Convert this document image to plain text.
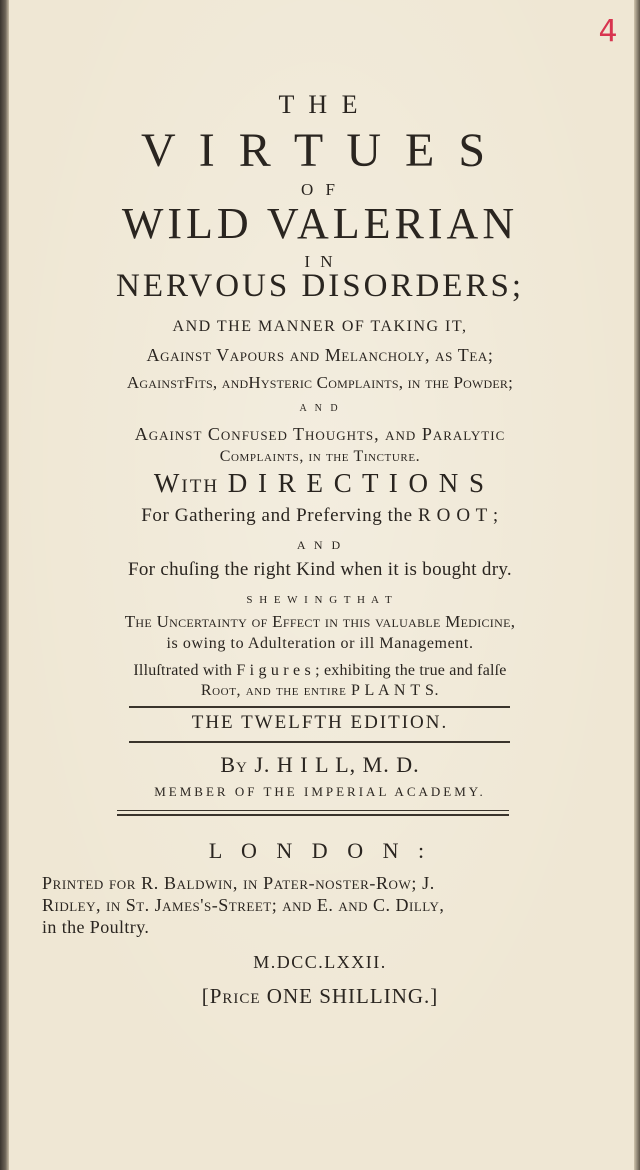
4
T H E
V I R T U E S
O F
WILD VALERIAN
I N
NERVOUS DISORDERS;
AND THE MANNER OF TAKING IT,
Againſt Vapours and Melancholy, as Tea;
AgainſtFits, andHysteric Complaints, in the Powder;
A N D
Againſt Confused Thoughts, and Paralytic
Complaints, in the Tincture.
With D I R E C T I O N S
For Gathering and Preferving the R O O T ;
A N D
For chuſing the right Kind when it is bought dry.
S H E W I N G T H A T
The Uncertainty of Effect in this valuable Medicine,
is owing to Adulteration or ill Management.
Illuſtrated with F i g u r e s ; exhibiting the true and falſe
Root, and the entire P L A N T S.
THE TWELFTH EDITION.
By J. H I L L, M. D.
MEMBER OF THE IMPERIAL ACADEMY.
L O N D O N :
Printed for R. Baldwin, in Pater-noſter-Row; J.
Ridley, in St. James's-Street; and E. and C. Dilly,
in the Poultry.
M.DCC.LXXII.
[Price ONE SHILLING.]
